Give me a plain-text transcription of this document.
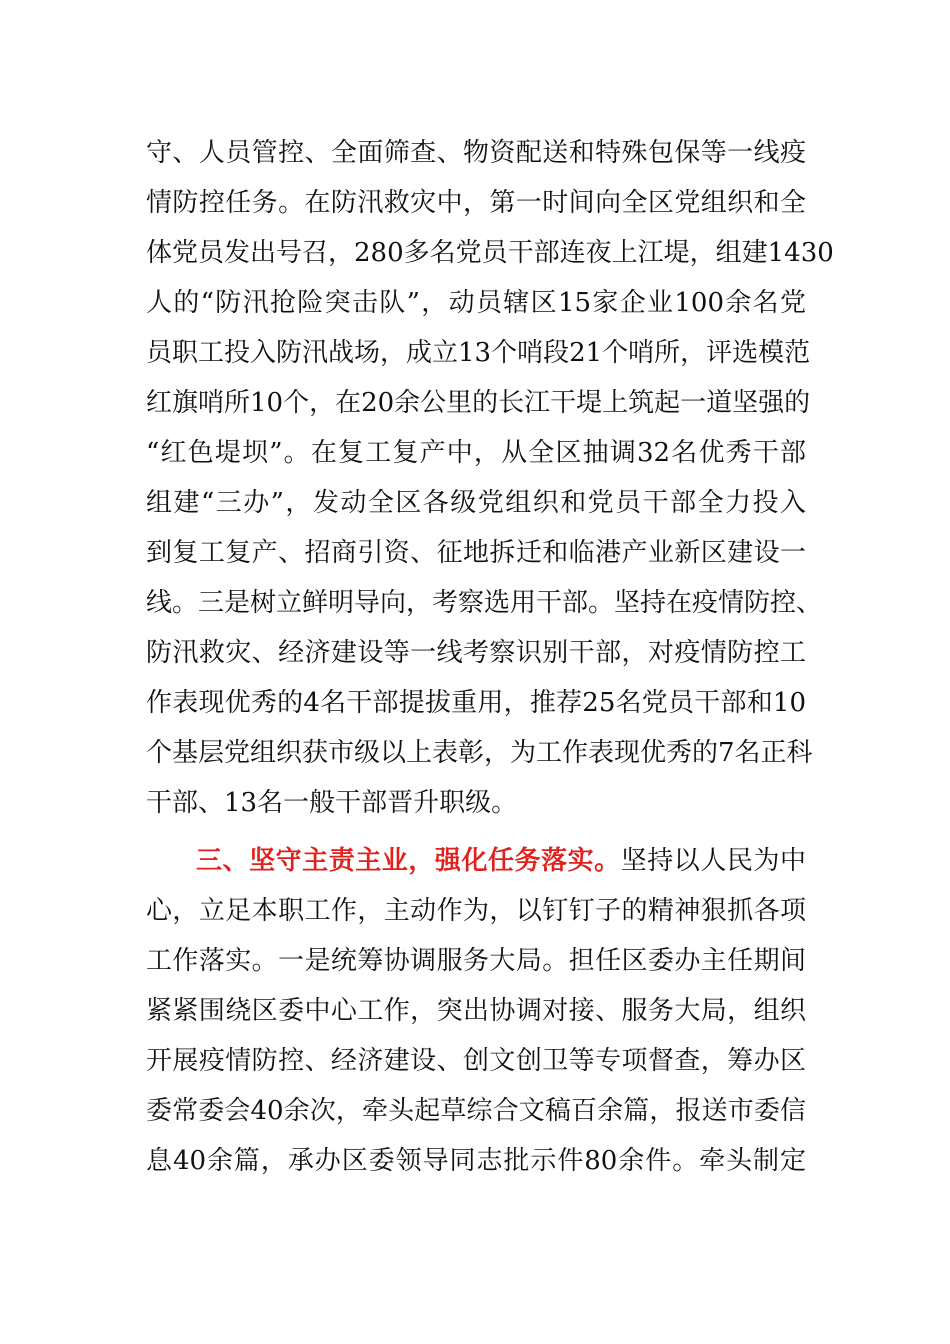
守、人员管控、全面筛查、物资配送和特殊包保等一线疫
情防控任务。在防汛救灾中，第一时间向全区党组织和全
体党员发出号召，280多名党员干部连夜上江堤，组建1430
人的“防汛抢险突击队”，动员辖区15家企业100余名党
员职工投入防汛战场，成立13个哨段21个哨所，评选模范
红旗哨所10个，在20余公里的长江干堤上筑起一道坚强的
“红色堤坝”。在复工复产中，从全区抽调32名优秀干部
组建“三办”，发动全区各级党组织和党员干部全力投入
到复工复产、招商引资、征地拆迁和临港产业新区建设一
线。三是树立鲜明导向，考察选用干部。坚持在疫情防控、
防汛救灾、经济建设等一线考察识别干部，对疫情防控工
作表现优秀的4名干部提拔重用，推荐25名党员干部和10
个基层党组织获市级以上表彰，为工作表现优秀的7名正科
干部、13名一般干部晋升职级。
三、坚守主责主业，强化任务落实。坚持以人民为中
心，立足本职工作，主动作为，以钉钉子的精神狠抓各项
工作落实。一是统筹协调服务大局。担任区委办主任期间
紧紧围绕区委中心工作，突出协调对接、服务大局，组织
开展疫情防控、经济建设、创文创卫等专项督查，筹办区
委常委会40余次，牵头起草综合文稿百余篇，报送市委信
息40余篇，承办区委领导同志批示件80余件。牵头制定
